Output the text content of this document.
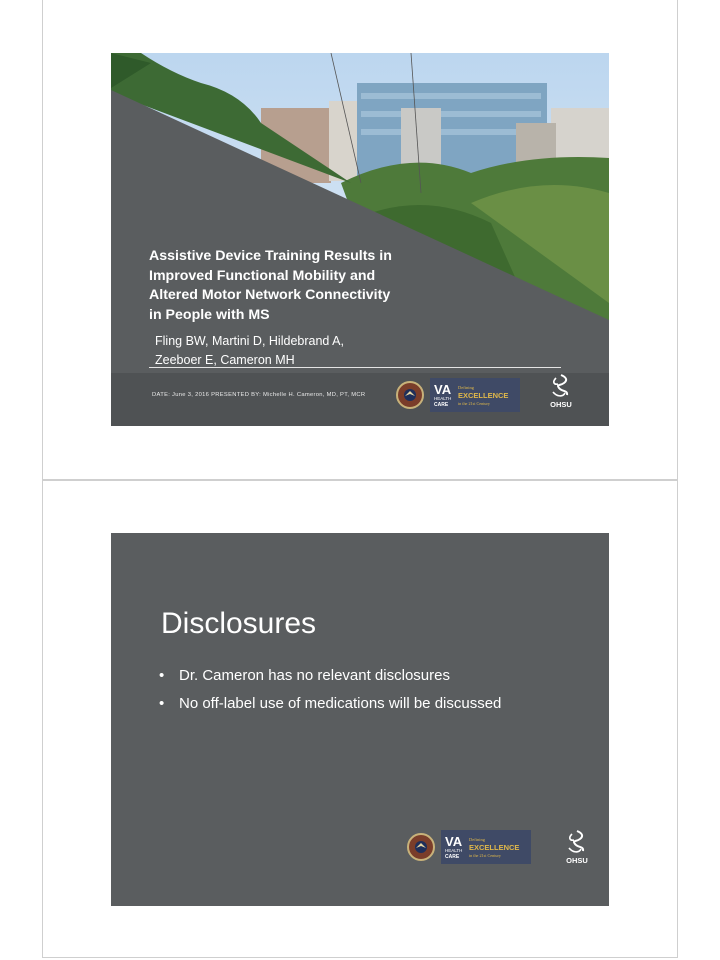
Assistive Device Training Results in
Improved Functional Mobility and
Altered Motor Network Connectivity
in People with MS
Fling BW, Martini D, Hildebrand A,
Zeeboer E, Cameron MH
DATE: June 3, 2016 PRESENTED BY: Michelle H. Cameron, MD, PT, MCR	VA
HEALTH
CARE
Defining
EXCELLENCE
in the 21st Century	OHSU
Disclosures
• Dr. Cameron has no relevant disclosures
• No off-label use of medications will be discussed
VA
HEALTH
CARE
Defining
EXCELLENCE
in the 21st Century
OHSU
